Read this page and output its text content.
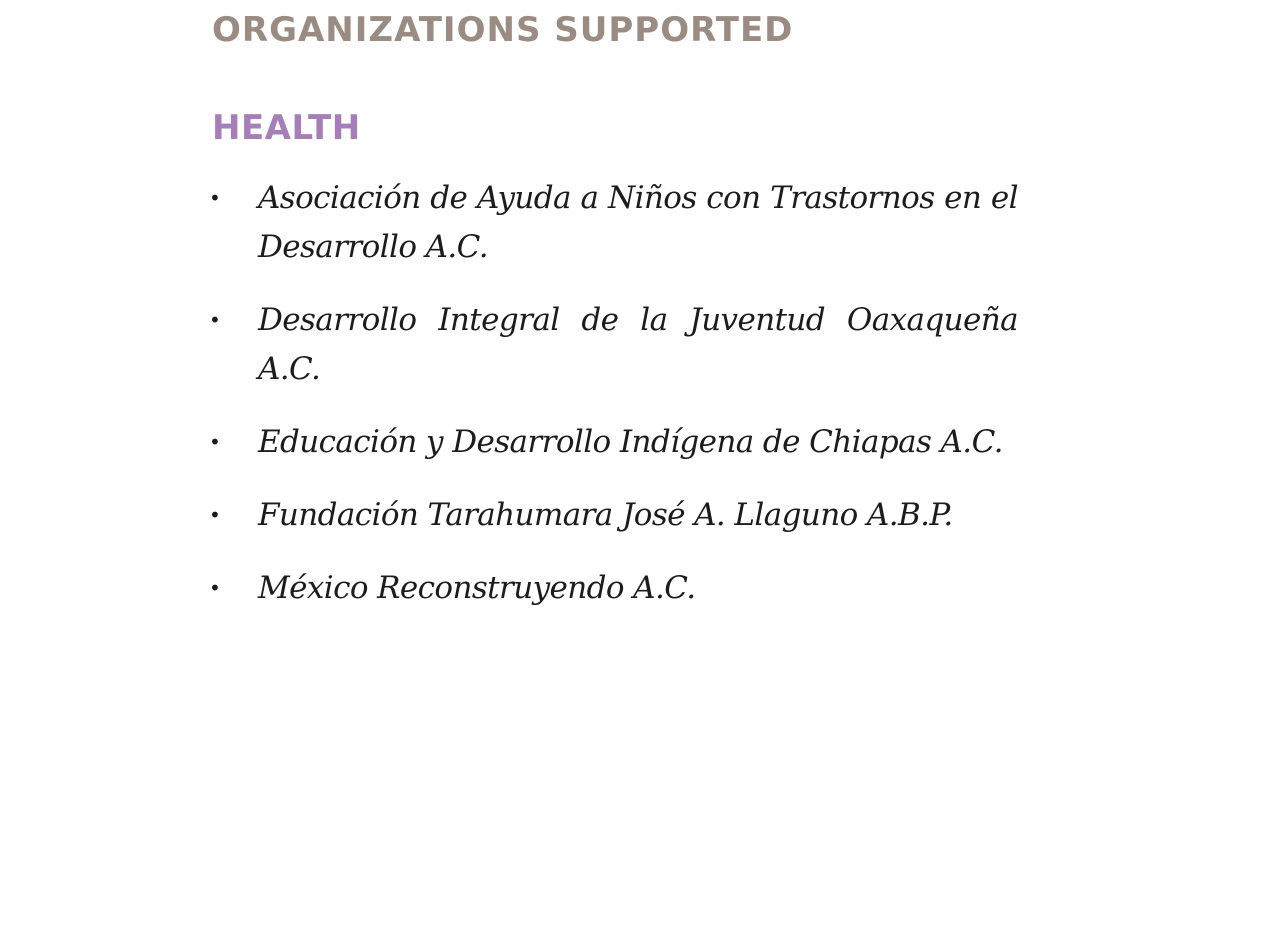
ORGANIZATIONS SUPPORTED
HEALTH
• Asociación de Ayuda a Niños con Trastornos en el Desarrollo A.C.
• Desarrollo Integral de la Juventud Oaxaqueña A.C.
• Educación y Desarrollo Indígena de Chiapas A.C.
• Fundación Tarahumara José A. Llaguno A.B.P.
• México Reconstruyendo A.C.
